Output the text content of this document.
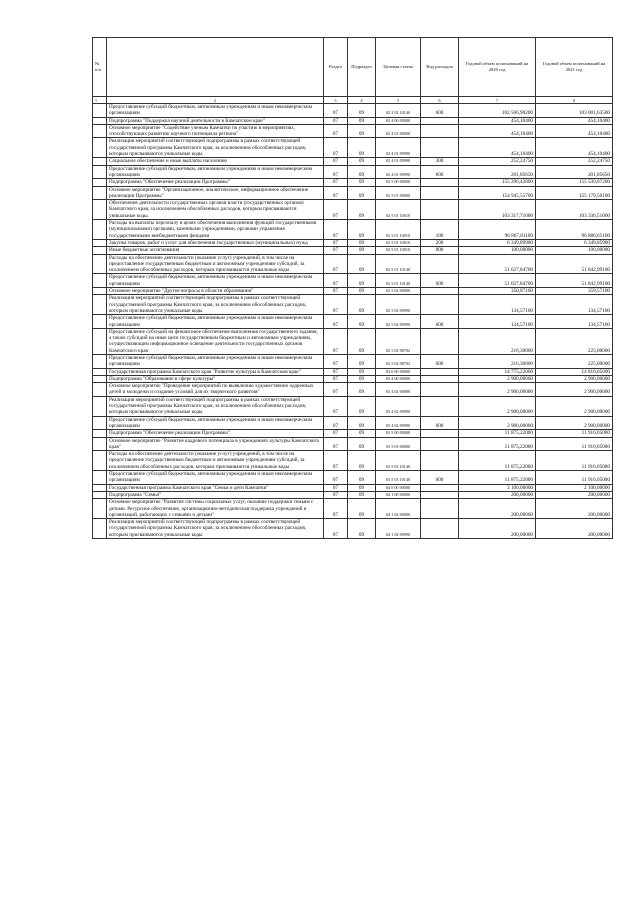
№ п/п		Раздел	Подраздел	Целевая статья	Вид расходов	Годовой объем ассигнований на 2020 год	Годовой объем ассигнований на 2021 год
1	2	3	4	5	6	7	8
	Предоставление субсидий бюджетным, автономным учреждениям и иным некоммерческим организациям	07	09	02 2 02 10140	600	102 566,90200	103 001,63500
	Подпрограмма "Поддержка научной деятельности в Камчатском крае"	07	09	02 4 00 00000		454,10400	454,10400
	Основное мероприятие "Содействие ученым Камчатки по участию в мероприятиях, способствующих развитию научного потенциала региона"	07	09	02 4 01 00000		454,10400	454,10400
	Реализация мероприятий соответствующей подпрограммы в рамках соответствующей государственной программы Камчатского края, за исключением обособленных расходов, которым присваиваются уникальные коды	07	09	02 4 01 09990		454,10400	454,10400
	Социальное обеспечение и иные выплаты населению	07	09	02 4 01 09990	300	252,24750	252,24750
	Предоставление субсидий бюджетным, автономным учреждениям и иным некоммерческим организациям	07	09	02 4 01 09990	600	201,85650	201,85650
	Подпрограмма "Обеспечение реализации Программы"	07	09	02 5 00 00000		155 296,42800	155 539,07200
	Основное мероприятие "Организационное, аналитическое, информационное обеспечение реализации Программы"	07	09	02 5 01 00000		154 945,55700	155 179,50100
	Обеспечение деятельности государственных органов власти (государственных органов) Камчатского края, за исключением обособленных расходов, которым присваиваются уникальные коды.	07	09	02 5 01 10010		103 317,71000	103 336,51000
	Расходы на выплаты персоналу в целях обеспечения выполнения функций государственными (муниципальными) органами, казенными учреждениями, органами управления государственными внебюджетными фондами	07	09	02 5 01 10010	100	96 867,81100	96 886,65100
	Закупка товаров, работ и услуг для обеспечения государственных (муниципальных) нужд	07	09	02 5 01 10010	200	6 349,89900	6 349,85900
	Иные бюджетные ассигнования	07	09	02 5 01 10010	800	100,00000	100,00000
	Расходы на обеспечение деятельности (оказание услуг) учреждений, в том числе на предоставление государственным бюджетным и автономным учреждениям субсидий, за исключением обособленных расходов, которым присваиваются уникальные коды	07	09	02 5 01 10140		51 627,84700	51 842,99100
	Предоставление субсидий бюджетным, автономным учреждениям и иным некоммерческим организациям	07	09	02 5 01 10140	600	51 627,84700	51 842,99100
	Основное мероприятие "Другие вопросы в области образования"	07	09	02 5 02 00000		350,87100	359,57100
	Реализация мероприятий соответствующей подпрограммы в рамках соответствующей государственной программы Камчатского края, за исключением обособленных расходов, которым присваиваются уникальные коды	07	09	02 5 02 09990		134,57100	134,57100
	Предоставление субсидий бюджетным, автономным учреждениям и иным некоммерческим организациям	07	09	02 5 02 09990	600	134,57100	134,57100
	Предоставление субсидий на финансовое обеспечение выполнения государственного задания, а также субсидий на иные цели государственным бюджетным и автономным учреждениям, осуществляющим информационное освещение деятельности государственных органов Камчатского края	07	09	02 5 02 98702		216,30000	225,00000
	Предоставление субсидий бюджетным, автономным учреждениям и иным некоммерческим организациям	07	09	02 5 02 98702	600	216,30000	225,00000
	Государственная программа Камчатского края "Развитие культуры в Камчатском крае"	07	09	03 0 00 00000		14 775,22000	14 816,05000
	Подпрограмма "Образование в сфере культуры"	07	09	03 4 00 00000		2 900,00000	2 900,00000
	Основное мероприятие "Проведение мероприятий по выявлению художественно одаренных детей и молодежи и создание условий для их творческого развития"	07	09	03 4 02 00000		2 900,00000	2 900,00000
	Реализация мероприятий соответствующей подпрограммы в рамках соответствующей государственной программы Камчатского края, за исключением обособленных расходов, которым присваиваются уникальные коды	07	09	03 4 02 09990		2 900,00000	2 900,00000
	Предоставление субсидий бюджетным, автономным учреждениям и иным некоммерческим организациям	07	09	03 4 02 09990	600	2 900,00000	2 900,00000
	Подпрограмма "Обеспечение реализации Программы"	07	09	03 5 00 00000		11 875,22000	11 916,05000
	Основное мероприятие "Развитие кадрового потенциала в учреждениях культуры Камчатского края"	07	09	03 5 03 00000		11 875,22000	11 916,05000
	Расходы на обеспечение деятельности (оказание услуг) учреждений, в том числе на предоставление государственным бюджетным и автономным учреждениям субсидий, за исключением обособленных расходов, которым присваиваются уникальные коды	07	09	03 5 03 10140		11 875,22000	11 916,05000
	Предоставление субсидий бюджетным, автономным учреждениям и иным некоммерческим организациям	07	09	03 5 03 10140	600	11 875,22000	11 916,05000
	Государственная программа Камчатского края "Семья и дети Камчатки"	07	09	04 0 00 00000		2 100,00000	2 100,00000
	Подпрограмма "Семья"	07	09	04 1 00 00000		200,00000	200,00000
	Основное мероприятие "Развитие системы социальных услуг, оказание поддержки семьям с детьми. Ресурсное обеспечение, организационно-методическая поддержка учреждений и организаций, работающих с семьями и детьми"	07	09	04 1 02 00000		200,00000	200,00000
	Реализация мероприятий соответствующей подпрограммы в рамках соответствующей государственной программы Камчатского края, за исключением обособленных расходов, которым присваиваются уникальные коды	07	09	04 1 02 09990		200,00000	200,00000
